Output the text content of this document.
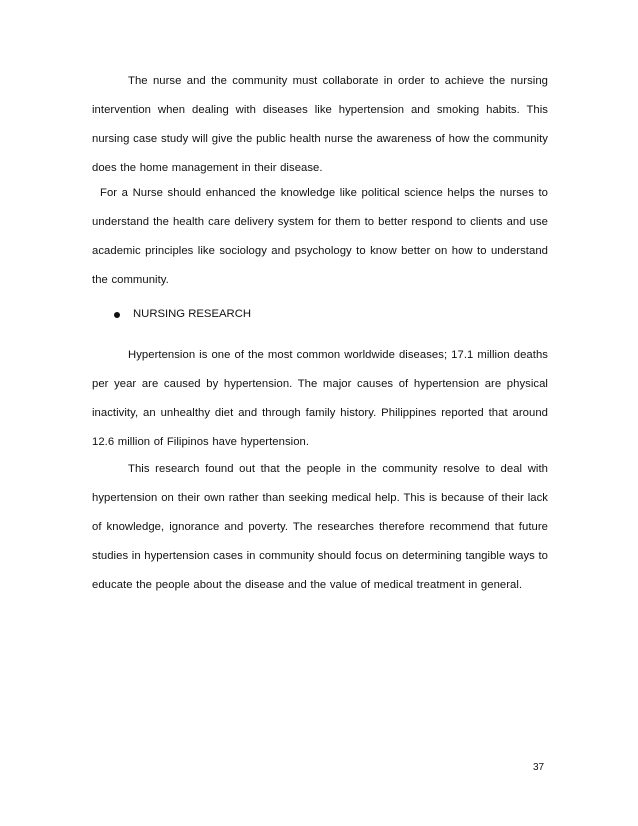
The nurse and the community must collaborate in order to achieve the nursing intervention when dealing with diseases like hypertension and smoking habits. This nursing case study will give the public health nurse the awareness of how the community does the home management in their disease.

For a Nurse should enhanced the knowledge like political science helps the nurses to understand the health care delivery system for them to better respond to clients and use academic principles like sociology and psychology to know better on how to understand the community.

NURSING RESEARCH

Hypertension is one of the most common worldwide diseases; 17.1 million deaths per year are caused by hypertension. The major causes of hypertension are physical inactivity, an unhealthy diet and through family history. Philippines reported that around 12.6 million of Filipinos have hypertension.

This research found out that the people in the community resolve to deal with hypertension on their own rather than seeking medical help. This is because of their lack of knowledge, ignorance and poverty. The researches therefore recommend that future studies in hypertension cases in community should focus on determining tangible ways to educate the people about the disease and the value of medical treatment in general.

37
